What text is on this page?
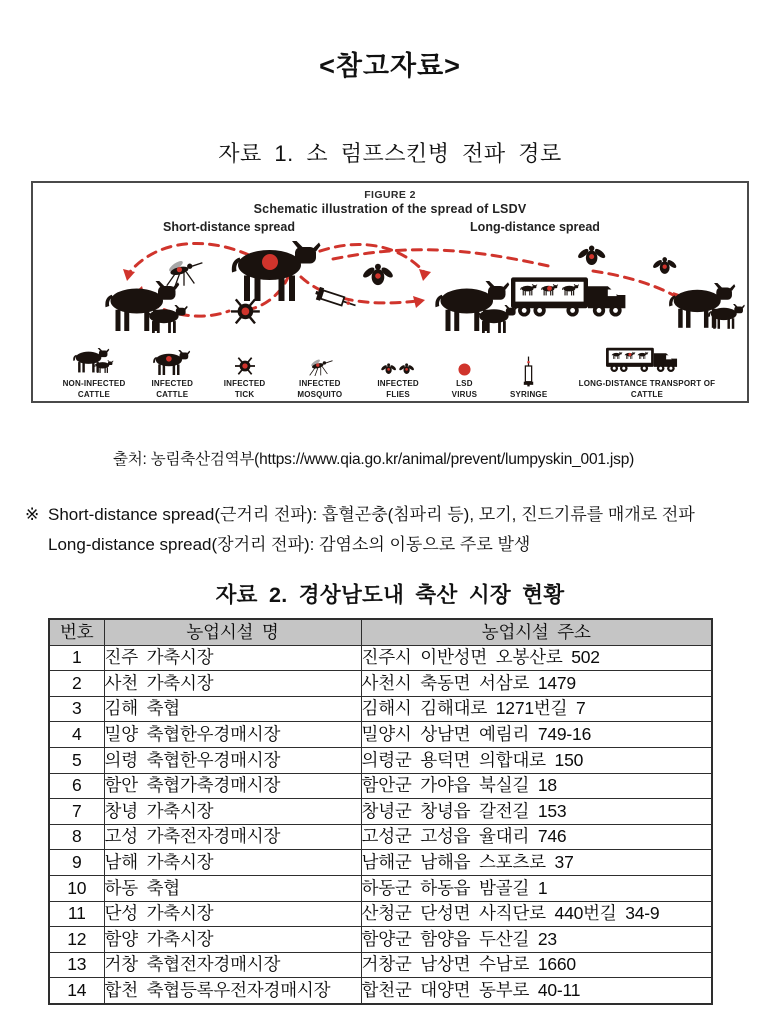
<참고자료>
자료 1. 소 럼프스킨병 전파 경로
FIGURE 2
Schematic illustration of the spread of LSDV
Short-distance spread	Long-distance spread
NON-INFECTED CATTLE
INFECTED CATTLE
INFECTED TICK
INFECTED MOSQUITO
INFECTED FLIES
LSD VIRUS	SYRINGE
LONG-DISTANCE TRANSPORT OF CATTLE
출처: 농림축산검역부(https://www.qia.go.kr/animal/prevent/lumpyskin_001.jsp)
※ Short-distance spread(근거리 전파): 흡혈곤충(침파리 등), 모기, 진드기류를 매개로 전파
Long-distance spread(장거리 전파): 감염소의 이동으로 주로 발생
자료 2. 경상남도내 축산 시장 현황
번호	농업시설 명	농업시설 주소
1	진주 가축시장	진주시 이반성면 오봉산로 502
2	사천 가축시장	사천시 축동면 서삼로 1479
3	김해 축협	김해시 김해대로 1271번길 7
4	밀양 축협한우경매시장	밀양시 상남면 예림리 749-16
5	의령 축협한우경매시장	의령군 용덕면 의합대로 150
6	함안 축협가축경매시장	함안군 가야읍 북실길 18
7	창녕 가축시장	창녕군 창녕읍 갈전길 153
8	고성 가축전자경매시장	고성군 고성읍 율대리 746
9	남해 가축시장	남해군 남해읍 스포츠로 37
10	하동 축협	하동군 하동읍 밤골길 1
11	단성 가축시장	산청군 단성면 사직단로 440번길 34-9
12	함양 가축시장	함양군 함양읍 두산길 23
13	거창 축협전자경매시장	거창군 남상면 수남로 1660
14	합천 축협등록우전자경매시장	합천군 대양면 동부로 40-11
